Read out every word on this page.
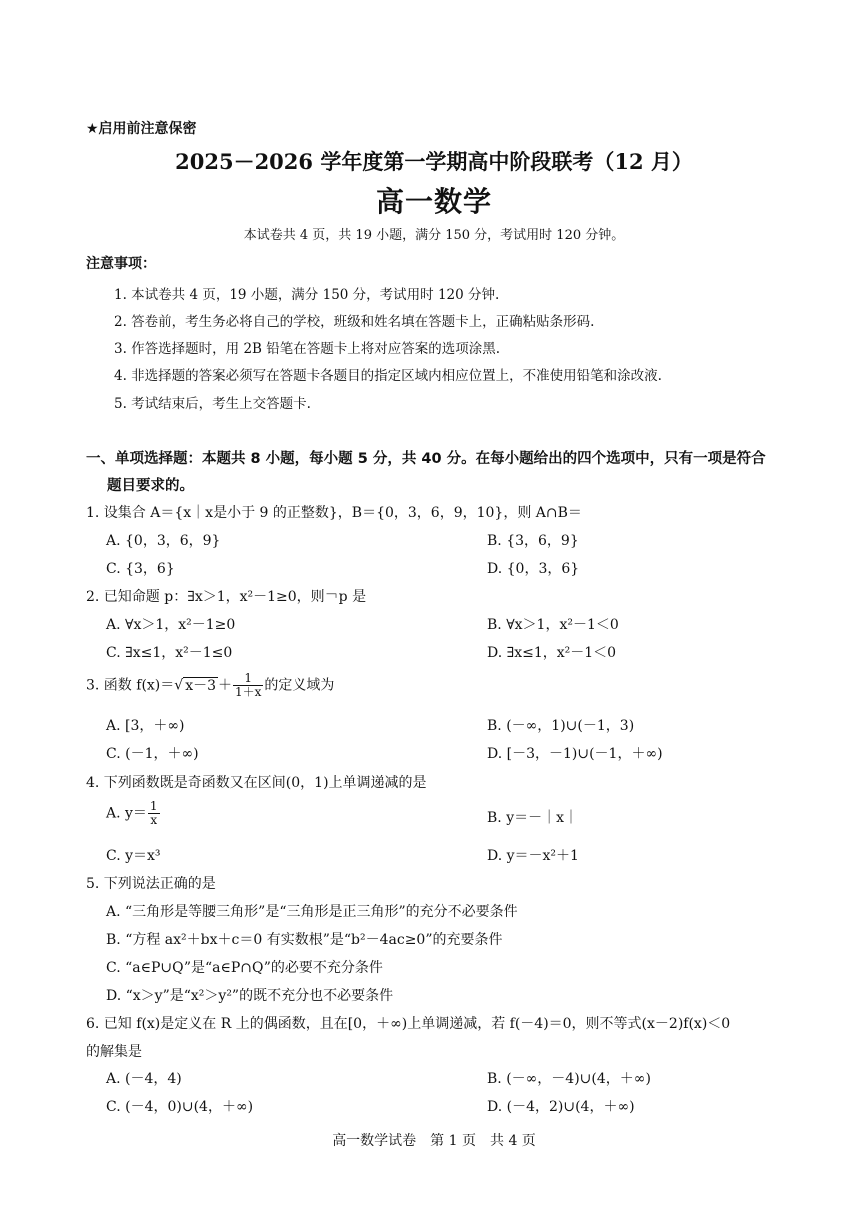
★启用前注意保密
2025－2026 学年度第一学期高中阶段联考（12 月）
高一数学
本试卷共 4 页，共 19 小题，满分 150 分，考试用时 120 分钟。
注意事项：
1. 本试卷共 4 页，19 小题，满分 150 分，考试用时 120 分钟.
2. 答卷前，考生务必将自己的学校，班级和姓名填在答题卡上，正确粘贴条形码.
3. 作答选择题时，用 2B 铅笔在答题卡上将对应答案的选项涂黑.
4. 非选择题的答案必须写在答题卡各题目的指定区域内相应位置上，不准使用铅笔和涂改液.
5. 考试结束后，考生上交答题卡.
一、单项选择题：本题共 8 小题，每小题 5 分，共 40 分。在每小题给出的四个选项中，只有一项是符合
题目要求的。
1. 设集合 A＝{x｜x是小于 9 的正整数}，B＝{0，3，6，9，10}，则 A∩B＝
A. {0，3，6，9}	B. {3，6，9}
C. {3，6}	D. {0，3，6}
2. 已知命题 p：∃x＞1，x²－1≥0，则￢p 是
A. ∀x＞1，x²－1≥0	B. ∀x＞1，x²－1＜0
C. ∃x≤1，x²－1≤0	D. ∃x≤1，x²－1＜0
3. 函数 f(x)＝√ $x-3 + \frac{1}{1+x}$ 的定义域为
A. [3，＋∞)	B. (－∞，1)∪(－1，3)
C. (－1，＋∞)	D. [－3，－1)∪(－1，＋∞)
4. 下列函数既是奇函数又在区间(0，1)上单调递减的是
A. $y= \frac{1}{x}$	B. y＝－｜x｜
C. y＝x³	D. y＝－x²＋1
5. 下列说法正确的是
A. “三角形是等腰三角形”是“三角形是正三角形”的充分不必要条件
B. “方程 ax²＋bx＋c＝0 有实数根”是“b²－4ac≥0”的充要条件
C. “a∈P∪Q”是“a∈P∩Q”的必要不充分条件
D. “x＞y”是“x²＞y²”的既不充分也不必要条件
6. 已知 f(x)是定义在 R 上的偶函数，且在[0，＋∞)上单调递减，若 f(－4)＝0，则不等式(x－2)f(x)＜0
的解集是
A. (－4，4)	B. (－∞，－4)∪(4，＋∞)
C. (－4，0)∪(4，＋∞)	D. (－4，2)∪(4，＋∞)
高一数学试卷　第 1 页　共 4 页
